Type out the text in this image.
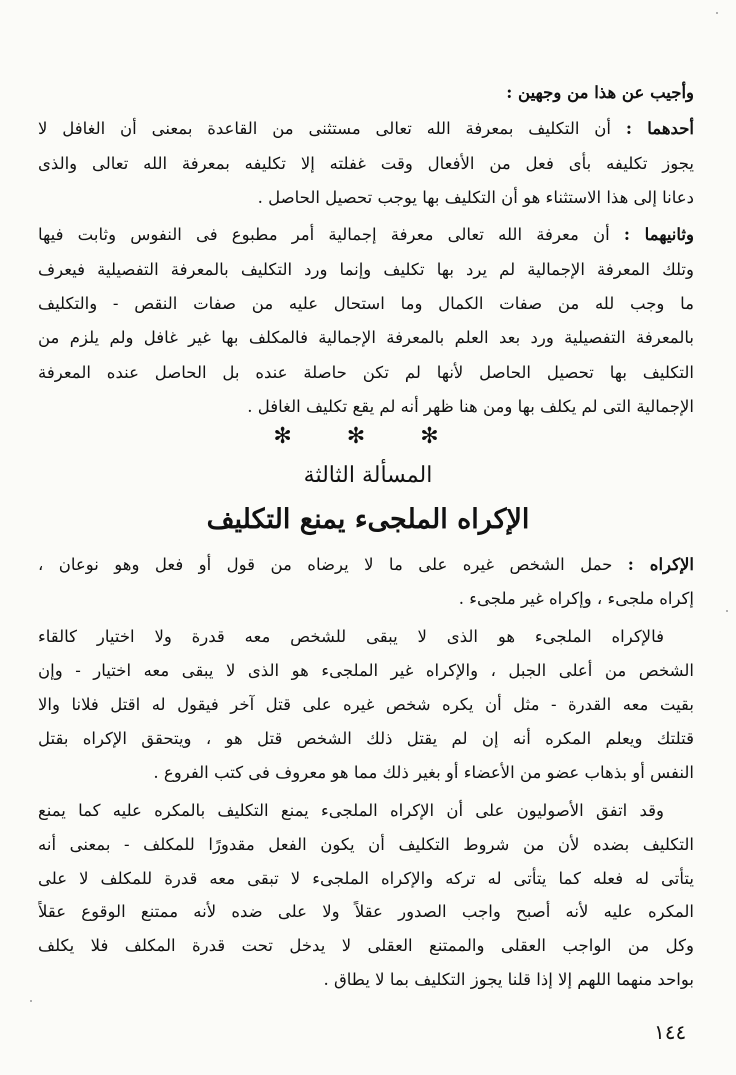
وأجيب عن هذا من وجهين :
أحدهما : أن التكليف بمعرفة الله تعالى مستثنى من القاعدة بمعنى أن الغافل لا
يجوز تكليفه بأى فعل من الأفعال وقت غفلته إلا تكليفه بمعرفة الله تعالى والذى
دعانا إلى هذا الاستثناء هو أن التكليف بها يوجب تحصيل الحاصل .
وثانيهما : أن معرفة الله تعالى معرفة إجمالية أمر مطبوع فى النفوس وثابت فيها
وتلك المعرفة الإجمالية لم يرد بها تكليف وإنما ورد التكليف بالمعرفة التفصيلية فيعرف
ما وجب لله من صفات الكمال وما استحال عليه من صفات النقص - والتكليف
بالمعرفة التفصيلية ورد بعد العلم بالمعرفة الإجمالية فالمكلف بها غير غافل ولم يلزم من
التكليف بها تحصيل الحاصل لأنها لم تكن حاصلة عنده بل الحاصل عنده المعرفة
الإجمالية التى لم يكلف بها ومن هنا ظهر أنه لم يقع تكليف الغافل .
✻ ✻ ✻
المسألة الثالثة
الإكراه الملجىء يمنع التكليف
الإكراه : حمل الشخص غيره على ما لا يرضاه من قول أو فعل وهو نوعان ،
إكراه ملجىء ، وإكراه غير ملجىء .
فالإكراه الملجىء هو الذى لا يبقى للشخص معه قدرة ولا اختيار كالقاء
الشخص من أعلى الجبل ، والإكراه غير الملجىء هو الذى لا يبقى معه اختيار - وإن
بقيت معه القدرة - مثل أن يكره شخص غيره على قتل آخر فيقول له اقتل فلانا والا
قتلتك ويعلم المكره أنه إن لم يقتل ذلك الشخص قتل هو ، ويتحقق الإكراه بقتل
النفس أو بذهاب عضو من الأعضاء أو بغير ذلك مما هو معروف فى كتب الفروع .
وقد اتفق الأصوليون على أن الإكراه الملجىء يمنع التكليف بالمكره عليه كما يمنع
التكليف بضده لأن من شروط التكليف أن يكون الفعل مقدورًا للمكلف - بمعنى أنه
يتأتى له فعله كما يتأتى له تركه والإكراه الملجىء لا تبقى معه قدرة للمكلف لا على
المكره عليه لأنه أصبح واجب الصدور عقلاً ولا على ضده لأنه ممتنع الوقوع عقلاً
وكل من الواجب العقلى والممتنع العقلى لا يدخل تحت قدرة المكلف فلا يكلف
بواحد منهما اللهم إلا إذا قلنا يجوز التكليف بما لا يطاق .
١٤٤
